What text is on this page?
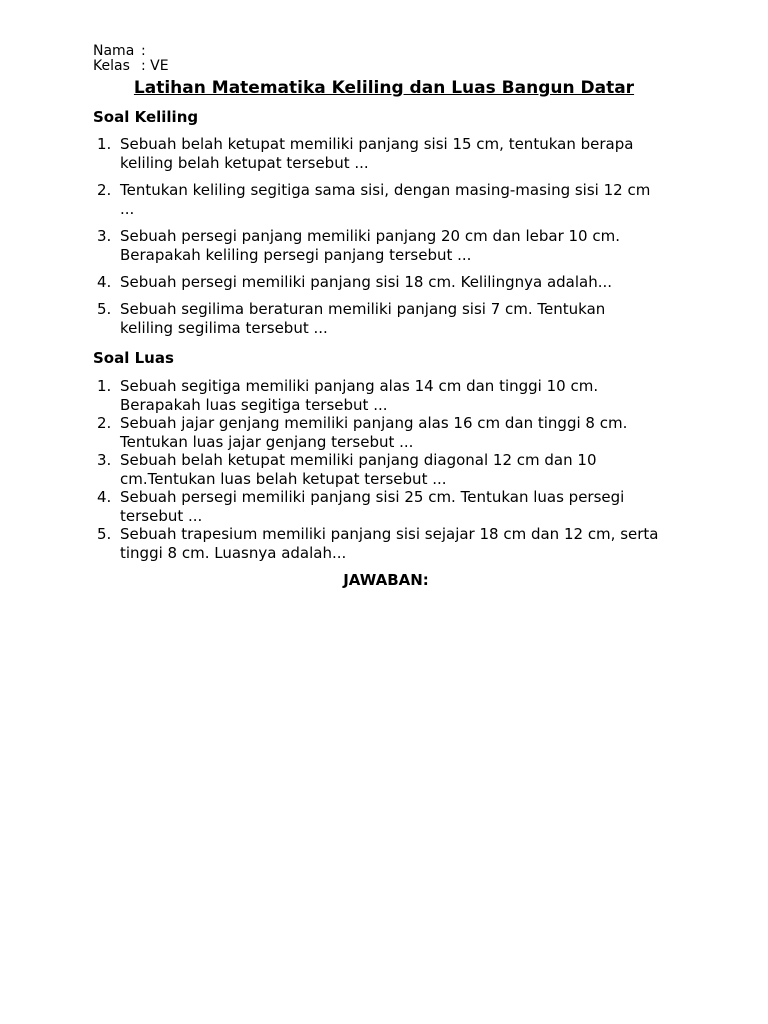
Nama :
Kelas : VE
Latihan Matematika Keliling dan Luas Bangun Datar
Soal Keliling
1. Sebuah belah ketupat memiliki panjang sisi 15 cm, tentukan berapa keliling belah ketupat tersebut ...
2. Tentukan keliling segitiga sama sisi, dengan masing-masing sisi 12 cm ...
3. Sebuah persegi panjang memiliki panjang 20 cm dan lebar 10 cm. Berapakah keliling persegi panjang tersebut ...
4. Sebuah persegi memiliki panjang sisi 18 cm. Kelilingnya adalah...
5. Sebuah segilima beraturan memiliki panjang sisi 7 cm. Tentukan keliling segilima tersebut ...
Soal Luas
1. Sebuah segitiga memiliki panjang alas 14 cm dan tinggi 10 cm. Berapakah luas segitiga tersebut ...
2. Sebuah jajar genjang memiliki panjang alas 16 cm dan tinggi 8 cm. Tentukan luas jajar genjang tersebut ...
3. Sebuah belah ketupat memiliki panjang diagonal 12 cm dan 10 cm.Tentukan luas belah ketupat tersebut ...
4. Sebuah persegi memiliki panjang sisi 25 cm. Tentukan luas persegi tersebut ...
5. Sebuah trapesium memiliki panjang sisi sejajar 18 cm dan 12 cm, serta tinggi 8 cm. Luasnya adalah...
JAWABAN:
